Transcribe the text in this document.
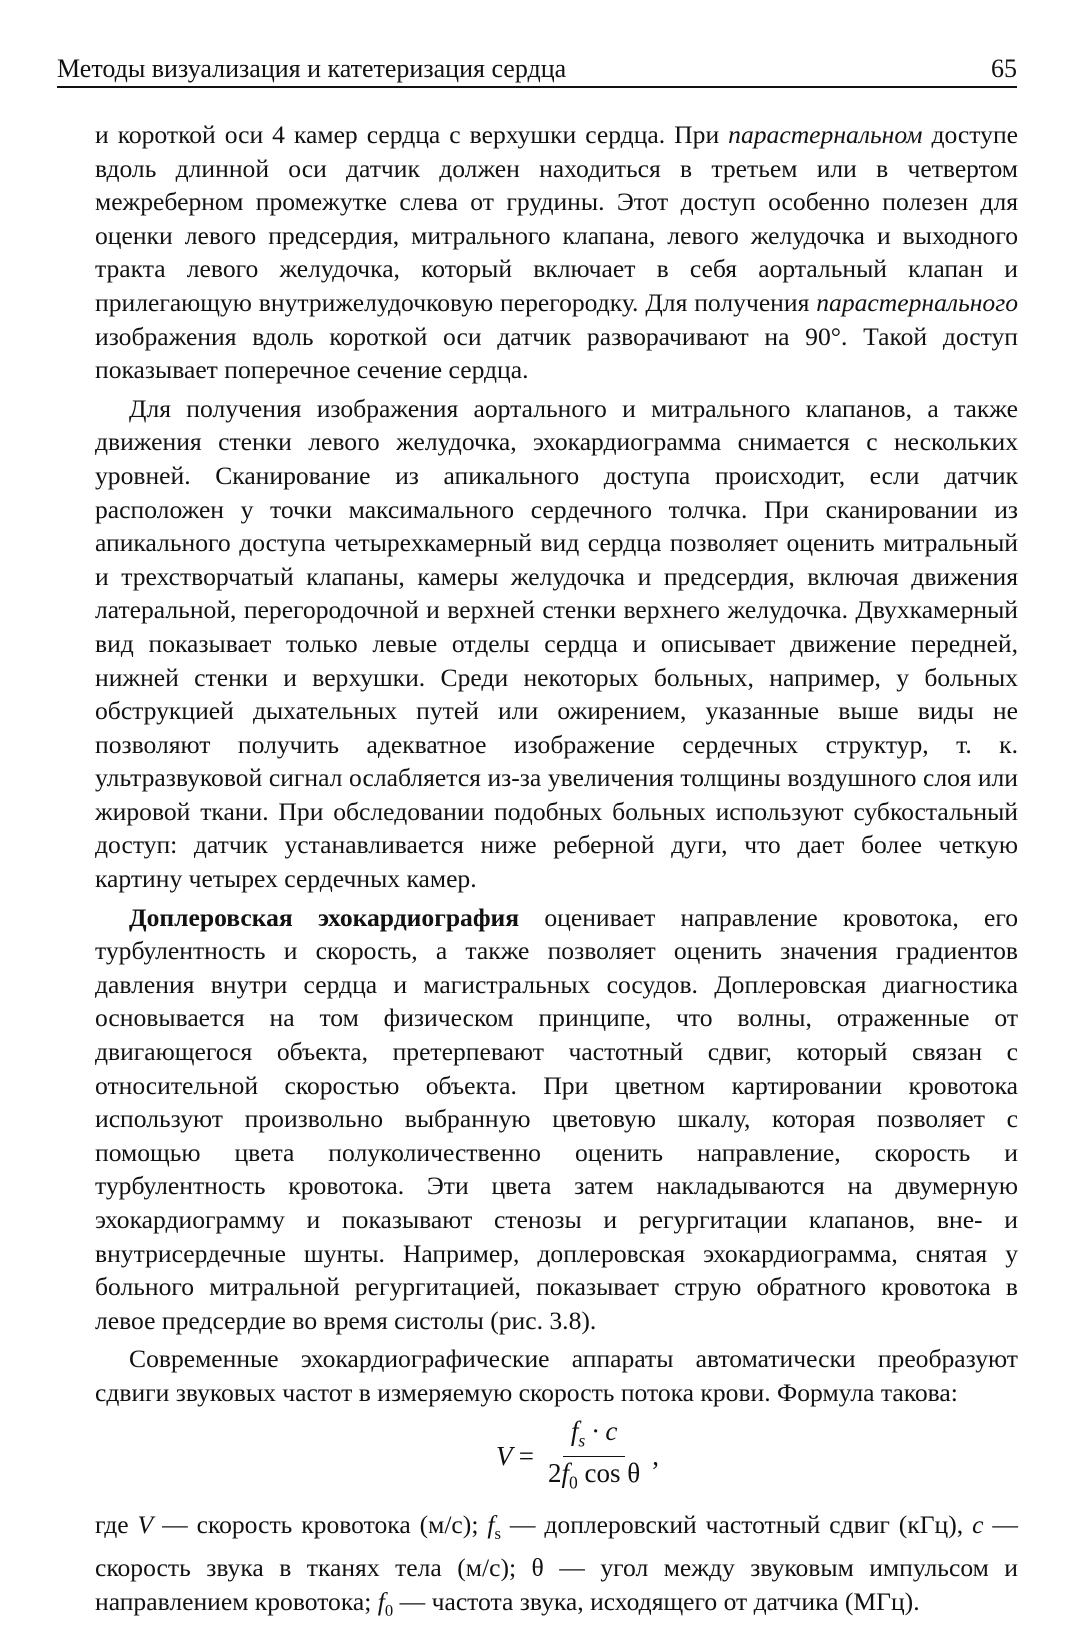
Методы визуализация и катетеризация сердца	65

и короткой оси 4 камер сердца с верхушки сердца. При парастернальном доступе вдоль длинной оси датчик должен находиться в третьем или в четвертом межреберном промежутке слева от грудины. Этот доступ особенно полезен для оценки левого предсердия, митрального клапана, левого желудочка и выходного тракта левого желудочка, который включает в себя аортальный клапан и прилегающую внутрижелудочковую перегородку. Для получения парастернального изображения вдоль короткой оси датчик разворачивают на 90°. Такой доступ показывает поперечное сечение сердца.

Для получения изображения аортального и митрального клапанов, а также движения стенки левого желудочка, эхокардиограмма снимается с нескольких уровней. Сканирование из апикального доступа происходит, если датчик расположен у точки максимального сердечного толчка. При сканировании из апикального доступа четырехкамерный вид сердца позволяет оценить митральный и трехстворчатый клапаны, камеры желудочка и предсердия, включая движения латеральной, перегородочной и верхней стенки верхнего желудочка. Двухкамерный вид показывает только левые отделы сердца и описывает движение передней, нижней стенки и верхушки. Среди некоторых больных, например, у больных обструкцией дыхательных путей или ожирением, указанные выше виды не позволяют получить адекватное изображение сердечных структур, т. к. ультразвуковой сигнал ослабляется из-за увеличения толщины воздушного слоя или жировой ткани. При обследовании подобных больных используют субкостальный доступ: датчик устанавливается ниже реберной дуги, что дает более четкую картину четырех сердечных камер.

Доплеровская эхокардиография оценивает направление кровотока, его турбулентность и скорость, а также позволяет оценить значения градиентов давления внутри сердца и магистральных сосудов. Доплеровская диагностика основывается на том физическом принципе, что волны, отраженные от двигающегося объекта, претерпевают частотный сдвиг, который связан с относительной скоростью объекта. При цветном картировании кровотока используют произвольно выбранную цветовую шкалу, которая позволяет с помощью цвета полуколичественно оценить направление, скорость и турбулентность кровотока. Эти цвета затем накладываются на двумерную эхокардиограмму и показывают стенозы и регургитации клапанов, вне- и внутрисердечные шунты. Например, доплеровская эхокардиограмма, снятая у больного митральной регургитацией, показывает струю обратного кровотока в левое предсердие во время систолы (рис. 3.8).

Современные эхокардиографические аппараты автоматически преобразуют сдвиги звуковых частот в измеряемую скорость потока крови. Формула такова:

$V = \frac{f_s \cdot c}{2f_0 \cos \theta}$ ,

где V — скорость кровотока (м/с); $f_s$ — доплеровский частотный сдвиг (кГц), c — скорость звука в тканях тела (м/с); θ — угол между звуковым импульсом и направлением кровотока; $f_0$ — частота звука, исходящего от датчика (МГц).
